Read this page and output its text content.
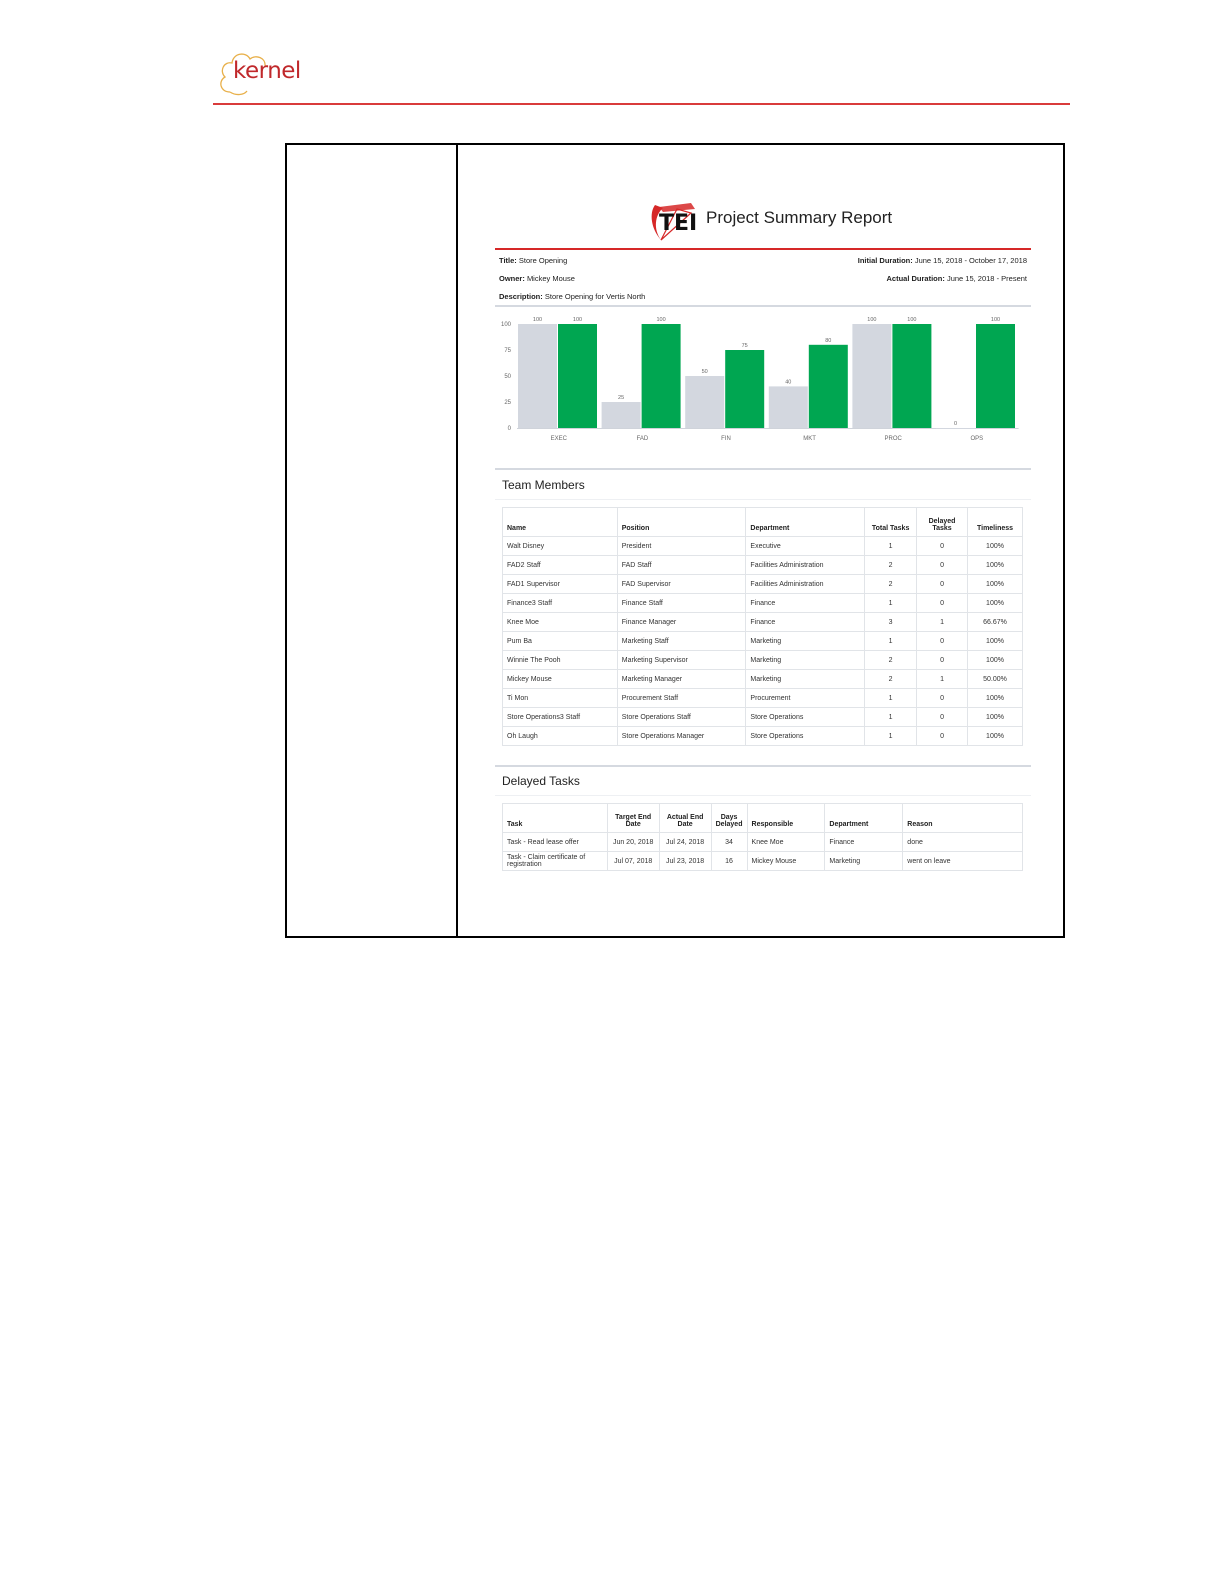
kernel
TEI Project Summary Report
Title: Store Opening
Owner: Mickey Mouse
Description: Store Opening for Vertis North
Initial Duration: June 15, 2018 - October 17, 2018
Actual Duration: June 15, 2018 - Present
0
25
50
75
100
100	100
EXEC
25
100
FAD
50
75
FIN
40
80
MKT
100	100
PROC
0
100
OPS
Team Members
Name	Position	Department	Total Tasks	Delayed Tasks	Timeliness
Walt Disney	President	Executive	1	0	100%
FAD2 Staff	FAD Staff	Facilities Administration	2	0	100%
FAD1 Supervisor	FAD Supervisor	Facilities Administration	2	0	100%
Finance3 Staff	Finance Staff	Finance	1	0	100%
Knee Moe	Finance Manager	Finance	3	1	66.67%
Pum Ba	Marketing Staff	Marketing	1	0	100%
Winnie The Pooh	Marketing Supervisor	Marketing	2	0	100%
Mickey Mouse	Marketing Manager	Marketing	2	1	50.00%
Ti Mon	Procurement Staff	Procurement	1	0	100%
Store Operations3 Staff	Store Operations Staff	Store Operations	1	0	100%
Oh Laugh	Store Operations Manager	Store Operations	1	0	100%
Delayed Tasks
Task	Target End Date	Actual End Date	Days Delayed	Responsible	Department	Reason
Task - Read lease offer	Jun 20, 2018	Jul 24, 2018	34	Knee Moe	Finance	done
Task - Claim certificate of registration	Jul 07, 2018	Jul 23, 2018	16	Mickey Mouse	Marketing	went on leave
